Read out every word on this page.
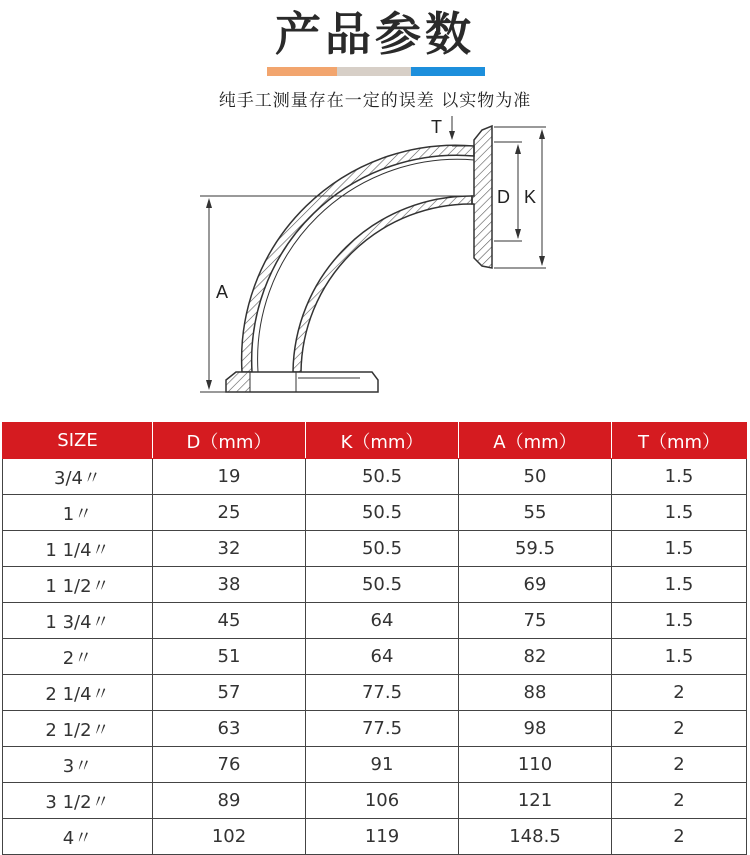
产品参数
纯手工测量存在一定的误差 以实物为准
A
D K
T
SIZE	D（mm）	K（mm）	A（mm）	T（mm）
3/4〃	19	50.5	50	1.5
1〃	25	50.5	55	1.5
1 1/4〃	32	50.5	59.5	1.5
1 1/2〃	38	50.5	69	1.5
1 3/4〃	45	64	75	1.5
2〃	51	64	82	1.5
2 1/4〃	57	77.5	88	2
2 1/2〃	63	77.5	98	2
3〃	76	91	110	2
3 1/2〃	89	106	121	2
4〃	102	119	148.5	2
